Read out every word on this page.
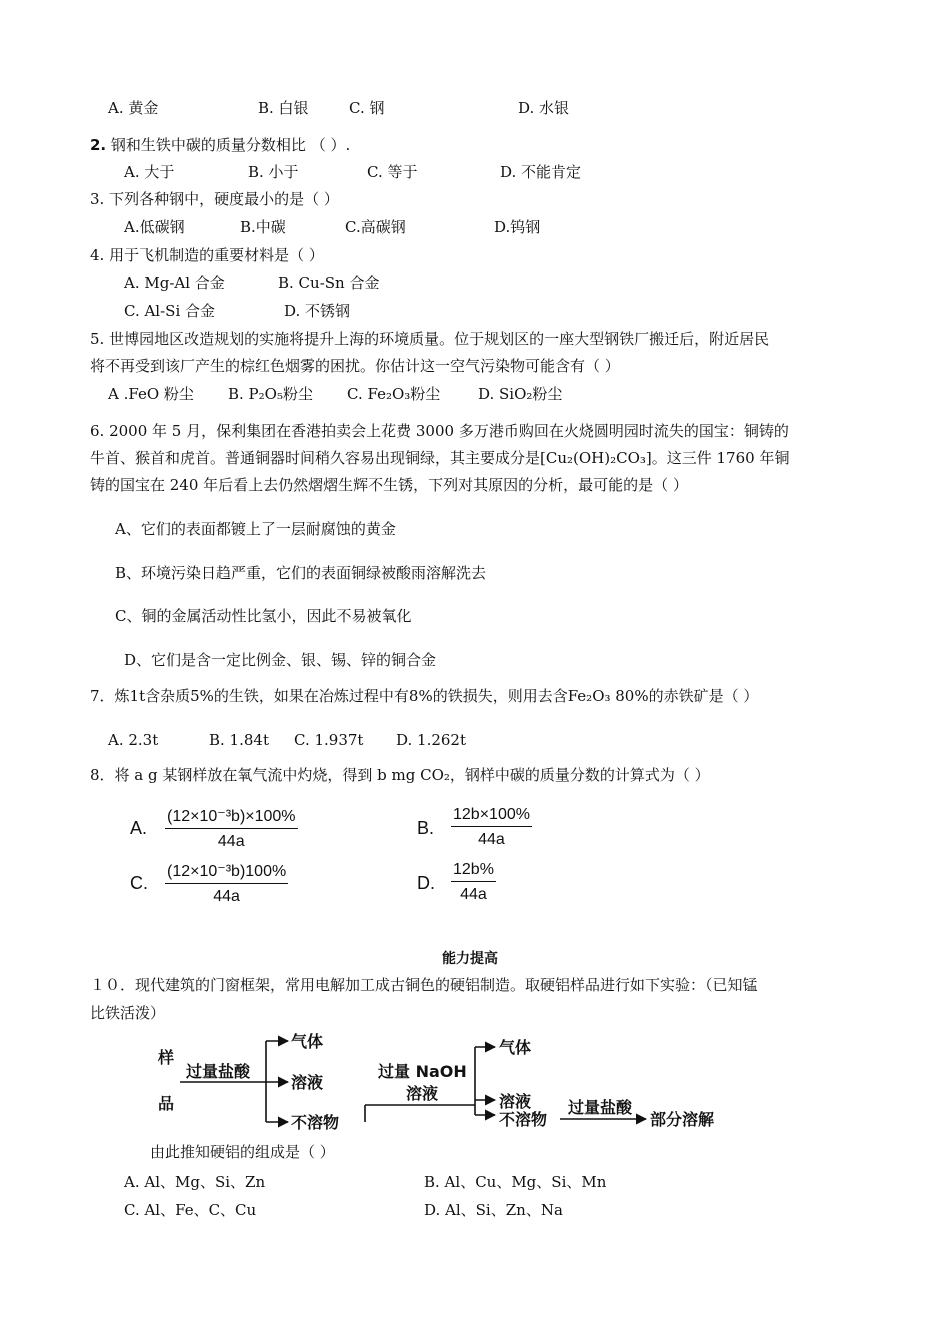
A. 黄金	B. 白银	C. 钢	D. 水银
2. 钢和生铁中碳的质量分数相比 （ ）.
A. 大于	B. 小于	C. 等于	D. 不能肯定
3. 下列各种钢中，硬度最小的是（ ）
A.低碳钢	B.中碳	C.高碳钢	D.钨钢
4. 用于飞机制造的重要材料是（ ）
A. Mg-Al 合金	B. Cu-Sn 合金
C. Al-Si 合金	D. 不锈钢
5. 世博园地区改造规划的实施将提升上海的环境质量。位于规划区的一座大型钢铁厂搬迁后，附近居民
将不再受到该厂产生的棕红色烟雾的困扰。你估计这一空气污染物可能含有（ ）
A .FeO 粉尘 B. P₂O₅粉尘 C. Fe₂O₃粉尘	D. SiO₂粉尘
6. 2000 年 5 月，保利集团在香港拍卖会上花费 3000 多万港币购回在火烧圆明园时流失的国宝：铜铸的
牛首、猴首和虎首。普通铜器时间稍久容易出现铜绿，其主要成分是[Cu₂(OH)₂CO₃]。这三件 1760 年铜
铸的国宝在 240 年后看上去仍然熠熠生辉不生锈，下列对其原因的分析，最可能的是（ ）
A、它们的表面都镀上了一层耐腐蚀的黄金
B、环境污染日趋严重，它们的表面铜绿被酸雨溶解洗去
C、铜的金属活动性比氢小，因此不易被氧化
D、它们是含一定比例金、银、锡、锌的铜合金
7．炼1t含杂质5%的生铁，如果在冶炼过程中有8%的铁损失，则用去含Fe₂O₃ 80%的赤铁矿是（ ）
A. 2.3t	B. 1.84t C. 1.937t D. 1.262t
8．将 a g 某钢样放在氧气流中灼烧，得到 b mg CO₂，钢样中碳的质量分数的计算式为（ ）
A. $\frac{\text{(12×10⁻³b)×100\%}}{44a}$	B. $\frac{12b\times 100\%}{44a}$
C. $\frac{\text{(12×10⁻³b)100\%}}{44a}$	D. $\frac{12b\%}{44a}$
能力提高
１０．现代建筑的门窗框架，常用电解加工成古铜色的硬铝制造。取硬铝样品进行如下实验：（已知锰
比铁活泼）
样
品
过量盐酸
气体
溶液
不溶物
过量 NaOH
溶液
气体
溶液
不溶物
过量盐酸
部分溶解
由此推知硬铝的组成是（ ）
A. Al、Mg、Si、Zn	B. Al、Cu、Mg、Si、Mn
C. Al、Fe、C、Cu	D. Al、Si、Zn、Na
